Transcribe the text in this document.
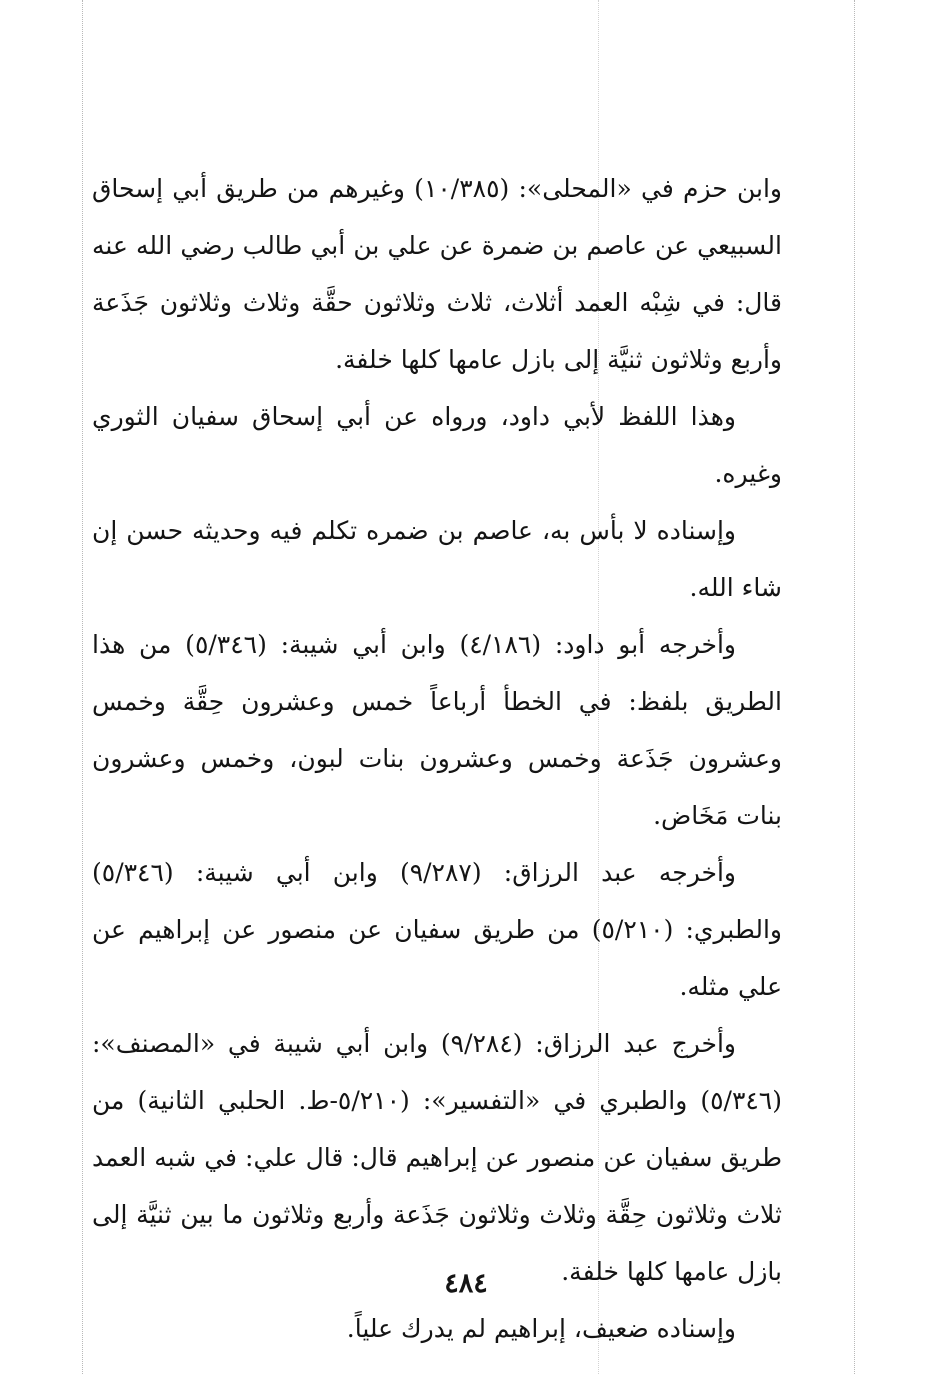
وابن حزم في «المحلى»: (١٠/٣٨٥) وغيرهم من طريق أبي إسحاق السبيعي عن عاصم بن ضمرة عن علي بن أبي طالب رضي الله عنه قال: في شِبْه العمد أثلاث، ثلاث وثلاثون حقَّة وثلاث وثلاثون جَذَعة وأربع وثلاثون ثنيَّة إلى بازل عامها كلها خلفة.

وهذا اللفظ لأبي داود، ورواه عن أبي إسحاق سفيان الثوري وغيره.

وإسناده لا بأس به، عاصم بن ضمره تكلم فيه وحديثه حسن إن شاء الله.

وأخرجه أبو داود: (٤/١٨٦) وابن أبي شيبة: (٥/٣٤٦) من هذا الطريق بلفظ: في الخطأ أرباعاً خمس وعشرون حِقَّة وخمس وعشرون جَذَعة وخمس وعشرون بنات لبون، وخمس وعشرون بنات مَخَاض.

وأخرجه عبد الرزاق: (٩/٢٨٧) وابن أبي شيبة: (٥/٣٤٦) والطبري: (٥/٢١٠) من طريق سفيان عن منصور عن إبراهيم عن علي مثله.

وأخرج عبد الرزاق: (٩/٢٨٤) وابن أبي شيبة في «المصنف»: (٥/٣٤٦) والطبري في «التفسير»: (٥/٢١٠-ط. الحلبي الثانية) من طريق سفيان عن منصور عن إبراهيم قال: قال علي: في شبه العمد ثلاث وثلاثون حِقَّة وثلاث وثلاثون جَذَعة وأربع وثلاثون ما بين ثنيَّة إلى بازل عامها كلها خلفة.

وإسناده ضعيف، إبراهيم لم يدرك علياً.

٤٨٤
